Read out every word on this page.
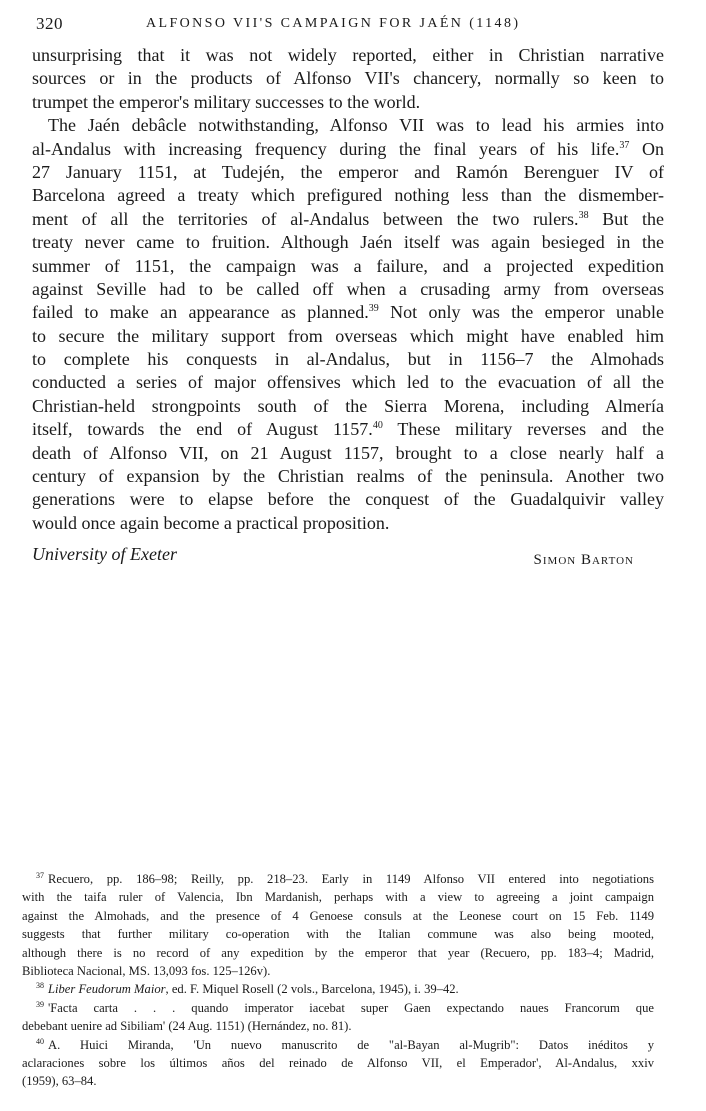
320	ALFONSO VII'S CAMPAIGN FOR JAÉN (1148)
unsurprising that it was not widely reported, either in Christian narrative
sources or in the products of Alfonso VII's chancery, normally so keen to
trumpet the emperor's military successes to the world.
The Jaén debâcle notwithstanding, Alfonso VII was to lead his armies into
al-Andalus with increasing frequency during the final years of his life.$^{37}$ On
27 January 1151, at Tudején, the emperor and Ramón Berenguer IV of
Barcelona agreed a treaty which prefigured nothing less than the dismember-
ment of all the territories of al-Andalus between the two rulers.$^{38}$ But the
treaty never came to fruition. Although Jaén itself was again besieged in the
summer of 1151, the campaign was a failure, and a projected expedition
against Seville had to be called off when a crusading army from overseas
failed to make an appearance as planned.$^{39}$ Not only was the emperor unable
to secure the military support from overseas which might have enabled him
to complete his conquests in al-Andalus, but in 1156–7 the Almohads
conducted a series of major offensives which led to the evacuation of all the
Christian-held strongpoints south of the Sierra Morena, including Almería
itself, towards the end of August 1157.40 These military reverses and the
death of Alfonso VII, on 21 August 1157, brought to a close nearly half a
century of expansion by the Christian realms of the peninsula. Another two
generations were to elapse before the conquest of the Guadalquivir valley
would once again become a practical proposition.
University of Exeter	Simon Barton
$^{37}$ Recuero, pp. 186–98; Reilly, pp. 218–23. Early in 1149 Alfonso VII entered into negotiations
with the taifa ruler of Valencia, Ibn Mardanish, perhaps with a view to agreeing a joint campaign
against the Almohads, and the presence of 4 Genoese consuls at the Leonese court on 15 Feb. 1149
suggests that further military co-operation with the Italian commune was also being mooted,
although there is no record of any expedition by the emperor that year (Recuero, pp. 183–4; Madrid,
Biblioteca Nacional, MS. 13,093 fos. 125–126v).
$^{38}$ Liber Feudorum Maior, ed. F. Miquel Rosell (2 vols., Barcelona, 1945), i. 39–42.
$^{39}$ 'Facta carta . . . quando imperator iacebat super Gaen expectando naues Francorum que
debebant uenire ad Sibiliam' (24 Aug. 1151) (Hernández, no. 81).
$^{40}$ A. Huici Miranda, 'Un nuevo manuscrito de "al-Bayan al-Mugrib": Datos inéditos y
aclaraciones sobre los últimos años del reinado de Alfonso VII, el Emperador', Al-Andalus, xxiv
(1959), 63–84.
